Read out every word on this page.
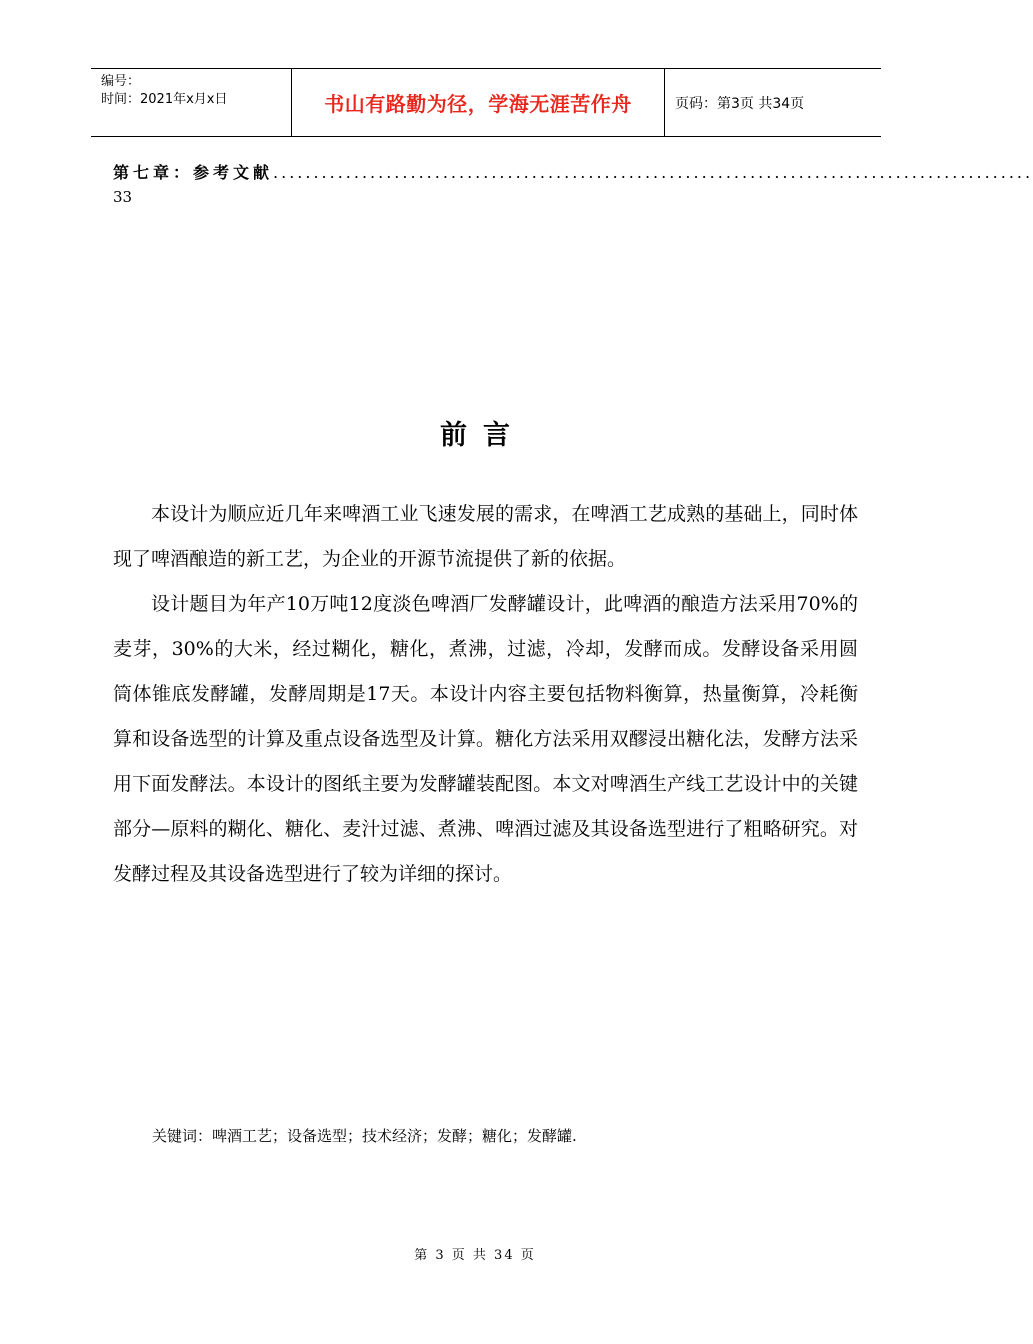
编号：
时间：2021年x月x日	书山有路勤为径，学海无涯苦作舟	页码：第3页 共34页
第七章：参考文献 ..............................................................................................
33
前言

本设计为顺应近几年来啤酒工业飞速发展的需求，在啤酒工艺成熟的基础上，同时体现了啤酒酿造的新工艺，为企业的开源节流提供了新的依据。

设计题目为年产10万吨12度淡色啤酒厂发酵罐设计，此啤酒的酿造方法采用70%的麦芽，30%的大米，经过糊化，糖化，煮沸，过滤，冷却，发酵而成。发酵设备采用圆筒体锥底发酵罐，发酵周期是17天。本设计内容主要包括物料衡算，热量衡算，冷耗衡算和设备选型的计算及重点设备选型及计算。糖化方法采用双醪浸出糖化法，发酵方法采用下面发酵法。本设计的图纸主要为发酵罐装配图。本文对啤酒生产线工艺设计中的关键部分—原料的糊化、糖化、麦汁过滤、煮沸、啤酒过滤及其设备选型进行了粗略研究。对发酵过程及其设备选型进行了较为详细的探讨。

关键词：啤酒工艺；设备选型；技术经济；发酵；糖化；发酵罐.
第 3 页 共 34 页
